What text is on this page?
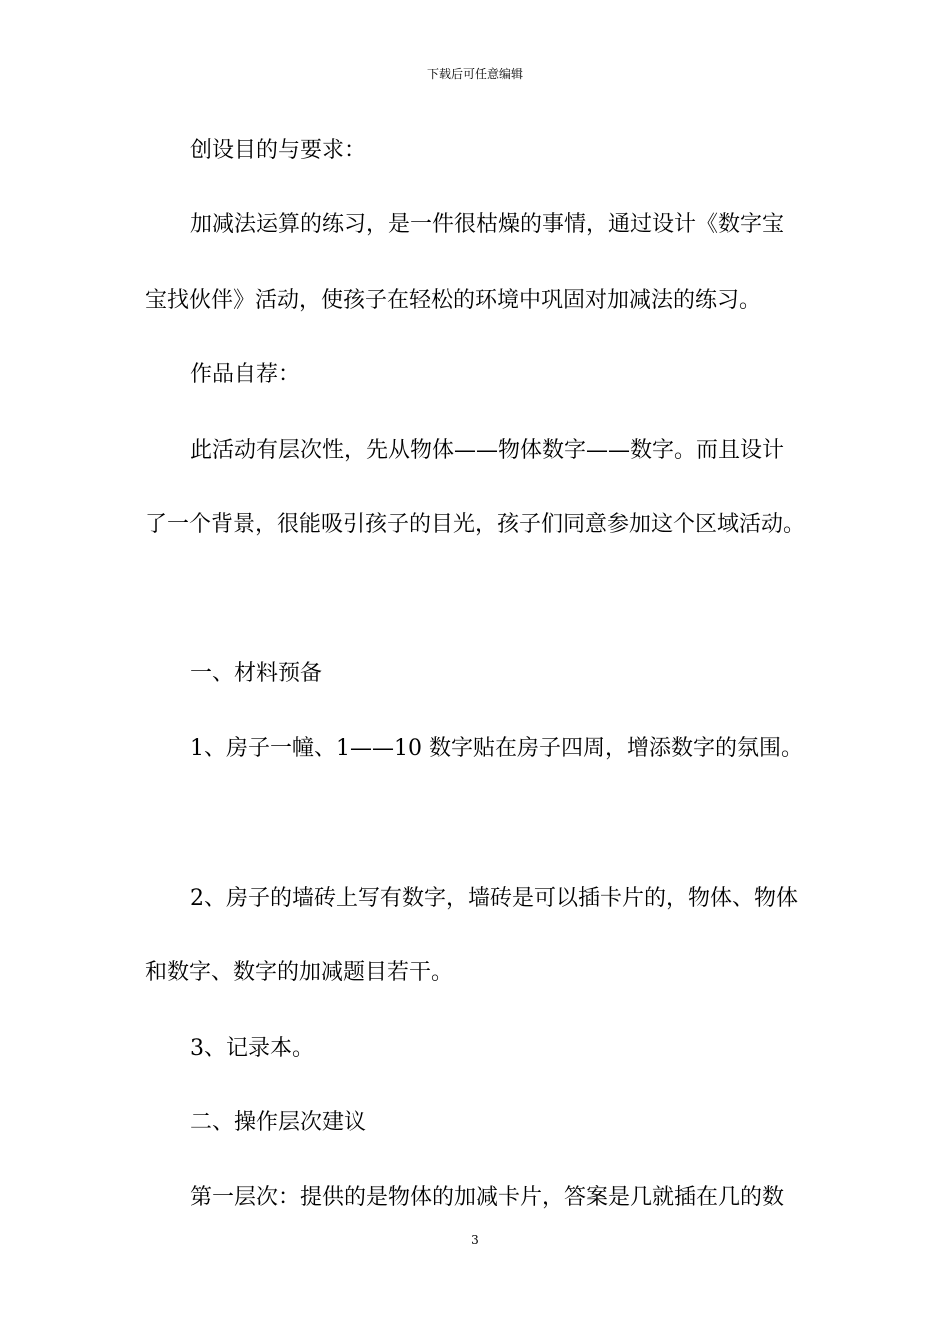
下载后可任意编辑
创设目的与要求：
加减法运算的练习，是一件很枯燥的事情，通过设计《数字宝
宝找伙伴》活动，使孩子在轻松的环境中巩固对加减法的练习。
作品自荐：
此活动有层次性，先从物体——物体数字——数字。而且设计
了一个背景，很能吸引孩子的目光，孩子们同意参加这个区域活动。
一、材料预备
1、房子一幢、1——10 数字贴在房子四周，增添数字的氛围。
2、房子的墙砖上写有数字，墙砖是可以插卡片的，物体、物体
和数字、数字的加减题目若干。
3、记录本。
二、操作层次建议
第一层次：提供的是物体的加减卡片，答案是几就插在几的数
3
